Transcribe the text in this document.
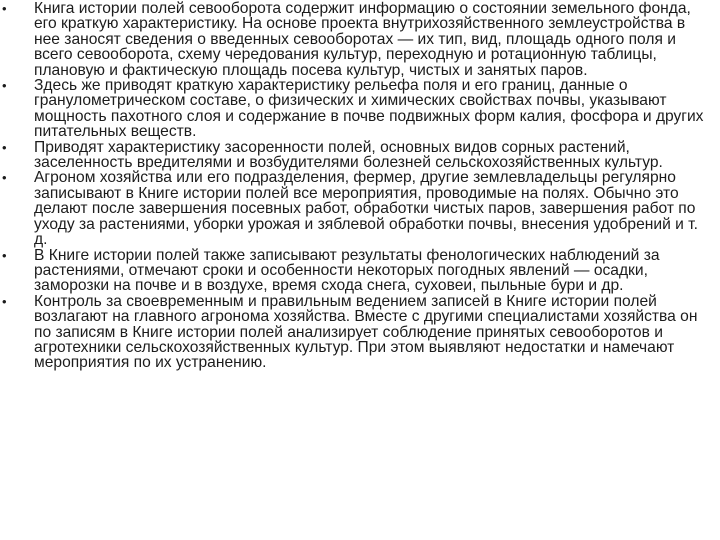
• Книга истории полей севооборота содержит информацию о состоянии земельного фонда, его краткую характеристику. На основе проекта внутрихозяйственного землеустройства в нее заносят сведения о введенных севооборотах — их тип, вид, площадь одного поля и всего севооборота, схему чередования культур, переходную и ротационную таблицы, плановую и фактическую площадь посева культур, чистых и занятых паров.
• Здесь же приводят краткую характеристику рельефа поля и его границ, данные о гранулометрическом составе, о физических и химических свойствах почвы, указывают мощность пахотного слоя и содержание в почве подвижных форм калия, фосфора и других питательных веществ.
• Приводят характеристику засоренности полей, основных видов сорных растений, заселенность вредителями и возбудителями болезней сельскохозяйственных культур.
• Агроном хозяйства или его подразделения, фермер, другие землевладельцы регулярно записывают в Книге истории полей все мероприятия, проводимые на полях. Обычно это делают после завершения посевных работ, обработки чистых паров, завершения работ по уходу за растениями, уборки урожая и зяблевой обработки почвы, внесения удобрений и т. д.
• В Книге истории полей также записывают результаты фенологических наблюдений за растениями, отмечают сроки и особенности некоторых погодных явлений — осадки, заморозки на почве и в воздухе, время схода снега, суховеи, пыльные бури и др.
• Контроль за своевременным и правильным ведением записей в Книге истории полей возлагают на главного агронома хозяйства. Вместе с другими специалистами хозяйства он по записям в Книге истории полей анализирует соблюдение принятых севооборотов и агротехники сельскохозяйственных культур. При этом выявляют недостатки и намечают мероприятия по их устранению.
